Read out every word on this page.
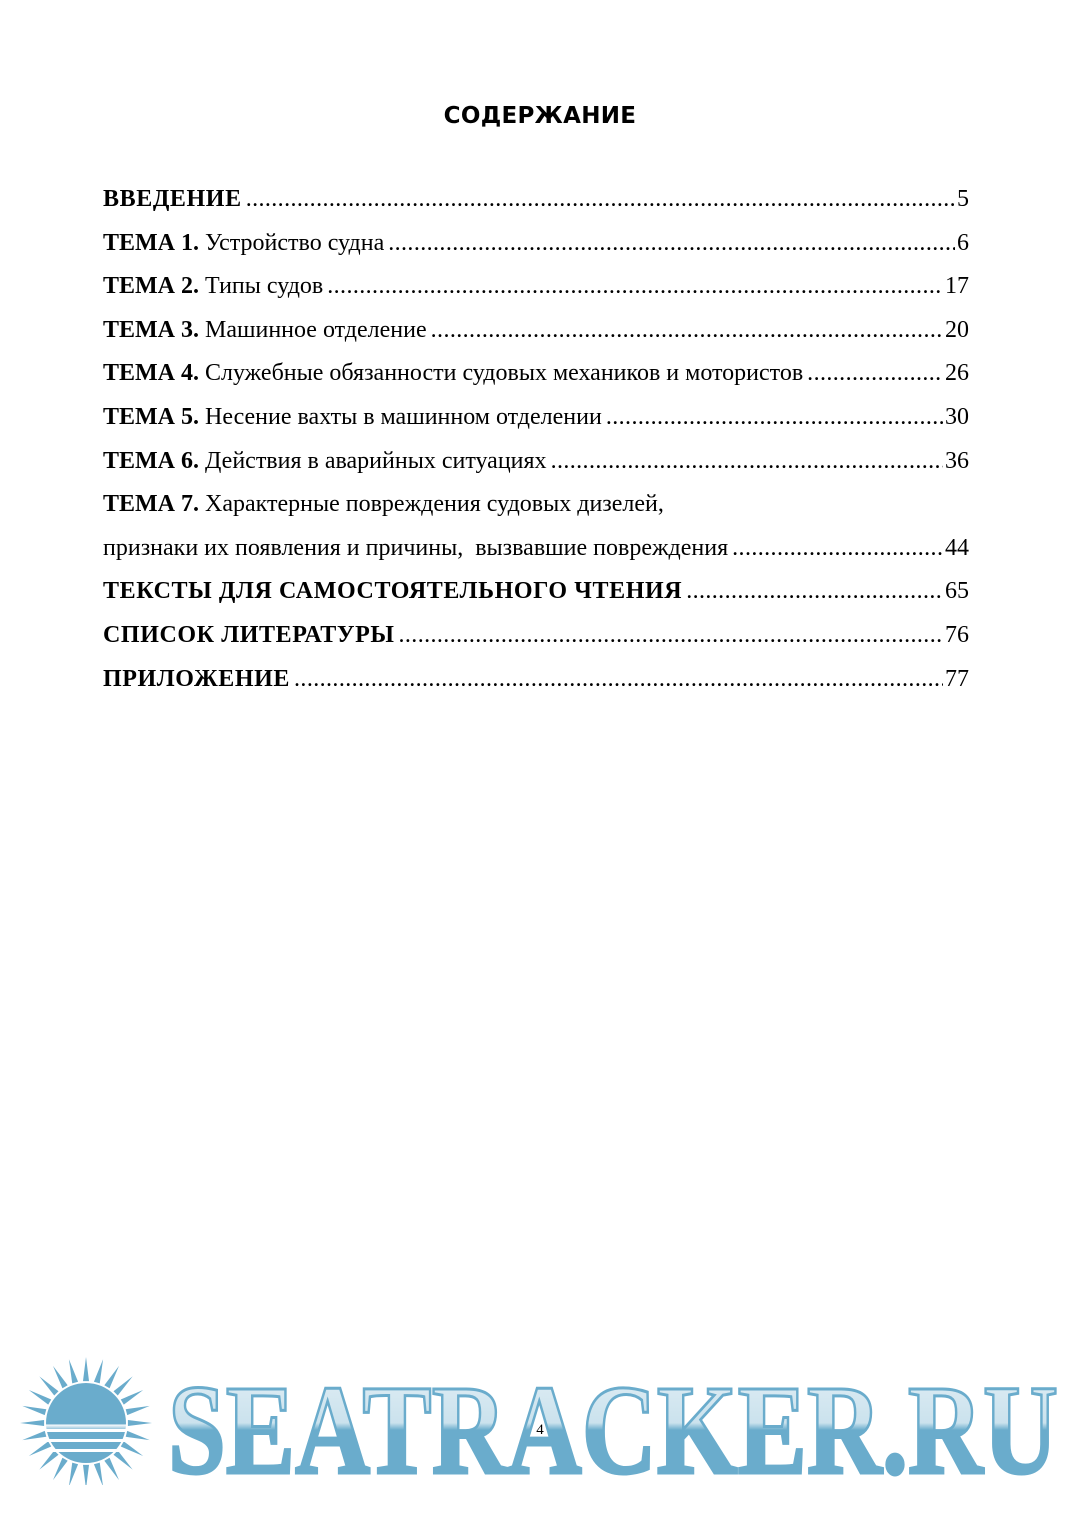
СОДЕРЖАНИЕ
ВВЕДЕНИЕ .....	5
ТЕМА 1. Устройство судна .....	6
ТЕМА 2. Типы судов .....	17
ТЕМА 3. Машинное отделение .....	20
ТЕМА 4. Служебные обязанности судовых механиков и мотористов .....	26
ТЕМА 5. Несение вахты в машинном отделении .....	30
ТЕМА 6. Действия в аварийных ситуациях .....	36
ТЕМА 7. Характерные повреждения судовых дизелей,
признаки их появления и причины,  вызвавшие повреждения .....	44
ТЕКСТЫ ДЛЯ САМОСТОЯТЕЛЬНОГО ЧТЕНИЯ .....	65
СПИСОК ЛИТЕРАТУРЫ .....	76
ПРИЛОЖЕНИЕ .....	77
SEATRACKER.RU
4
